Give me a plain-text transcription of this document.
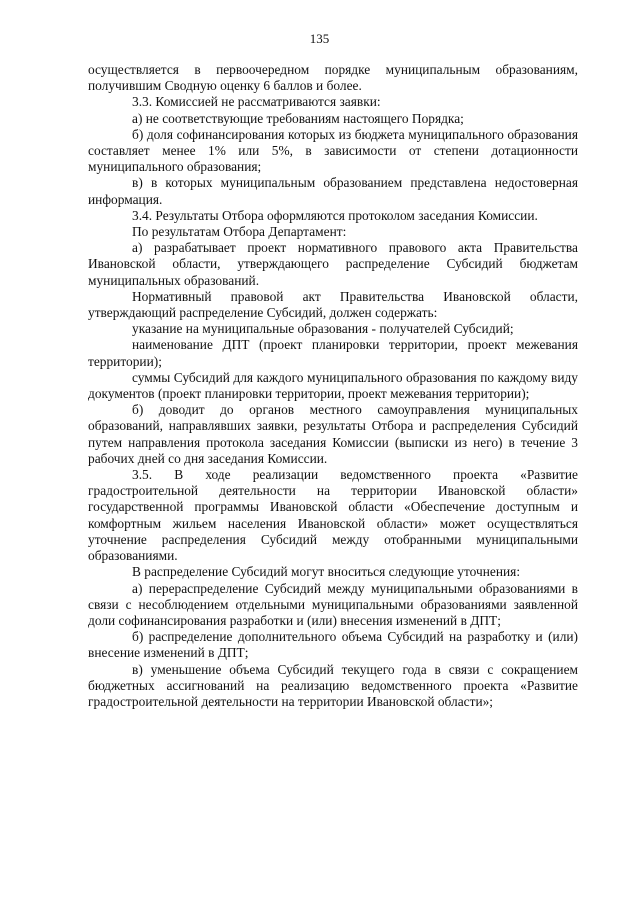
135

осуществляется в первоочередном порядке муниципальным образованиям, получившим Сводную оценку 6 баллов и более.

3.3. Комиссией не рассматриваются заявки:

а) не соответствующие требованиям настоящего Порядка;

б) доля софинансирования которых из бюджета муниципального образования составляет менее 1% или 5%, в зависимости от степени дотационности муниципального образования;

в) в которых муниципальным образованием представлена недостоверная информация.

3.4. Результаты Отбора оформляются протоколом заседания Комиссии.

По результатам Отбора Департамент:

а) разрабатывает проект нормативного правового акта Правительства Ивановской области, утверждающего распределение Субсидий бюджетам муниципальных образований.

Нормативный правовой акт Правительства Ивановской области, утверждающий распределение Субсидий, должен содержать:

указание на муниципальные образования - получателей Субсидий;

наименование ДПТ (проект планировки территории, проект межевания территории);

суммы Субсидий для каждого муниципального образования по каждому виду документов (проект планировки территории, проект межевания территории);

б) доводит до органов местного самоуправления муниципальных образований, направлявших заявки, результаты Отбора и распределения Субсидий путем направления протокола заседания Комиссии (выписки из него) в течение 3 рабочих дней со дня заседания Комиссии.

3.5. В ходе реализации ведомственного проекта «Развитие градостроительной деятельности на территории Ивановской области» государственной программы Ивановской области «Обеспечение доступным и комфортным жильем населения Ивановской области» может осуществляться уточнение распределения Субсидий между отобранными муниципальными образованиями.

В распределение Субсидий могут вноситься следующие уточнения:

а) перераспределение Субсидий между муниципальными образованиями в связи с несоблюдением отдельными муниципальными образованиями заявленной доли софинансирования разработки и (или) внесения изменений в ДПТ;

б) распределение дополнительного объема Субсидий на разработку и (или) внесение изменений в ДПТ;

в) уменьшение объема Субсидий текущего года в связи с сокращением бюджетных ассигнований на реализацию ведомственного проекта «Развитие градостроительной деятельности на территории Ивановской области»;
